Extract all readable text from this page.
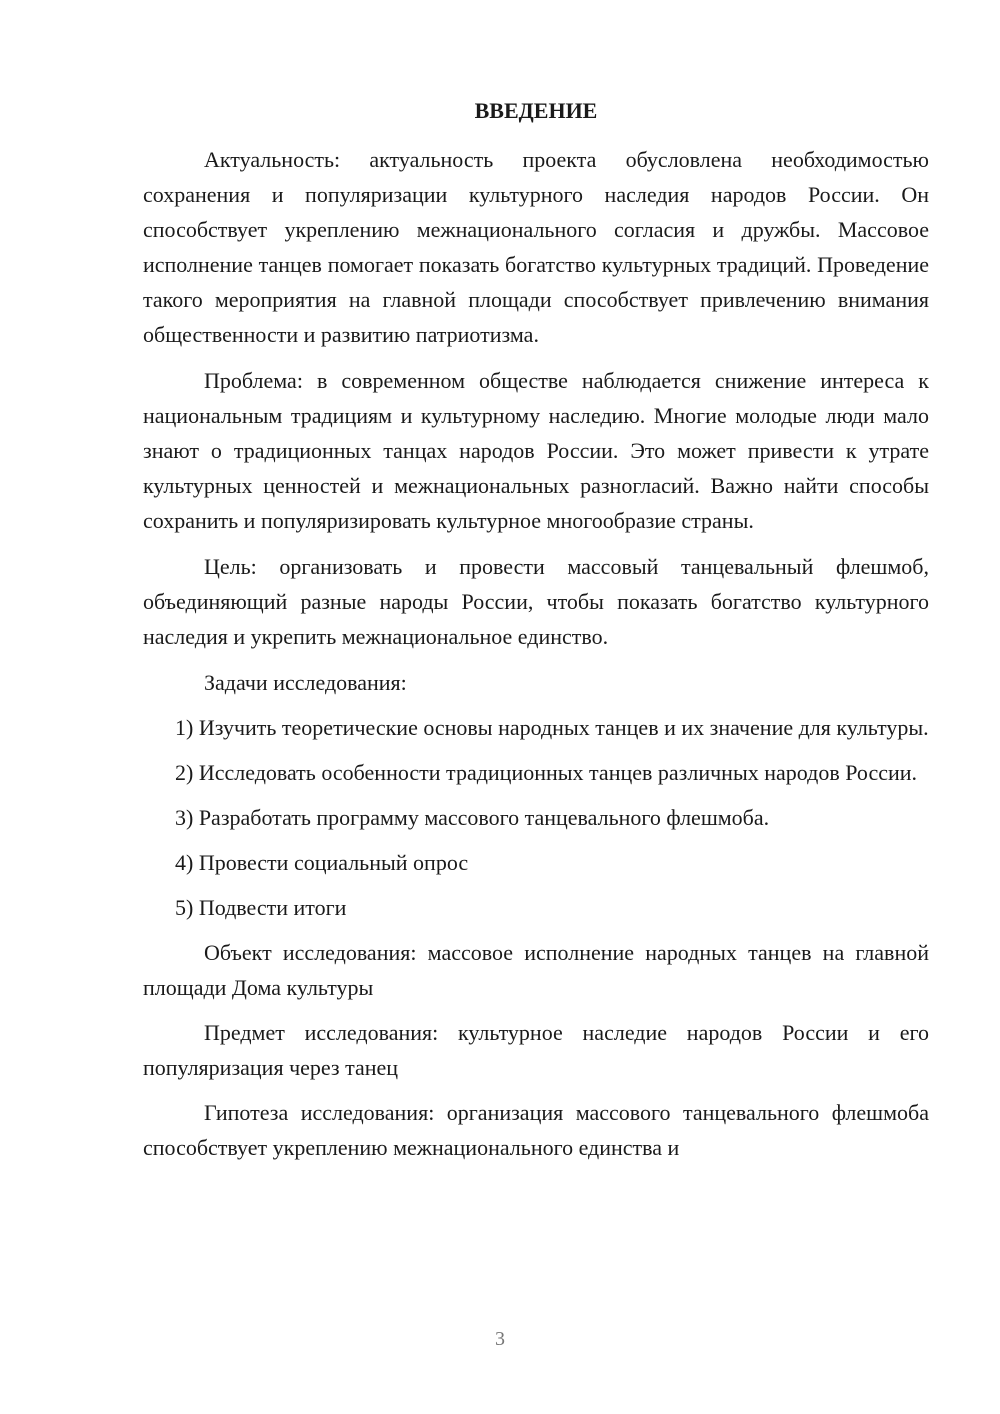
ВВЕДЕНИЕ

Актуальность: актуальность проекта обусловлена необходимостью сохранения и популяризации культурного наследия народов России. Он способствует укреплению межнационального согласия и дружбы. Массовое исполнение танцев помогает показать богатство культурных традиций. Проведение такого мероприятия на главной площади способствует привлечению внимания общественности и развитию патриотизма.

Проблема: в современном обществе наблюдается снижение интереса к национальным традициям и культурному наследию. Многие молодые люди мало знают о традиционных танцах народов России. Это может привести к утрате культурных ценностей и межнациональных разногласий. Важно найти способы сохранить и популяризировать культурное многообразие страны.

Цель: организовать и провести массовый танцевальный флешмоб, объединяющий разные народы России, чтобы показать богатство культурного наследия и укрепить межнациональное единство.

Задачи исследования:

1) Изучить теоретические основы народных танцев и их значение для культуры.

2) Исследовать особенности традиционных танцев различных народов России.

3) Разработать программу массового танцевального флешмоба.

4) Провести социальный опрос

5) Подвести итоги

Объект исследования: массовое исполнение народных танцев на главной площади Дома культуры

Предмет исследования: культурное наследие народов России и его популяризация через танец

Гипотеза исследования: организация массового танцевального флешмоба способствует укреплению межнационального единства и

3
